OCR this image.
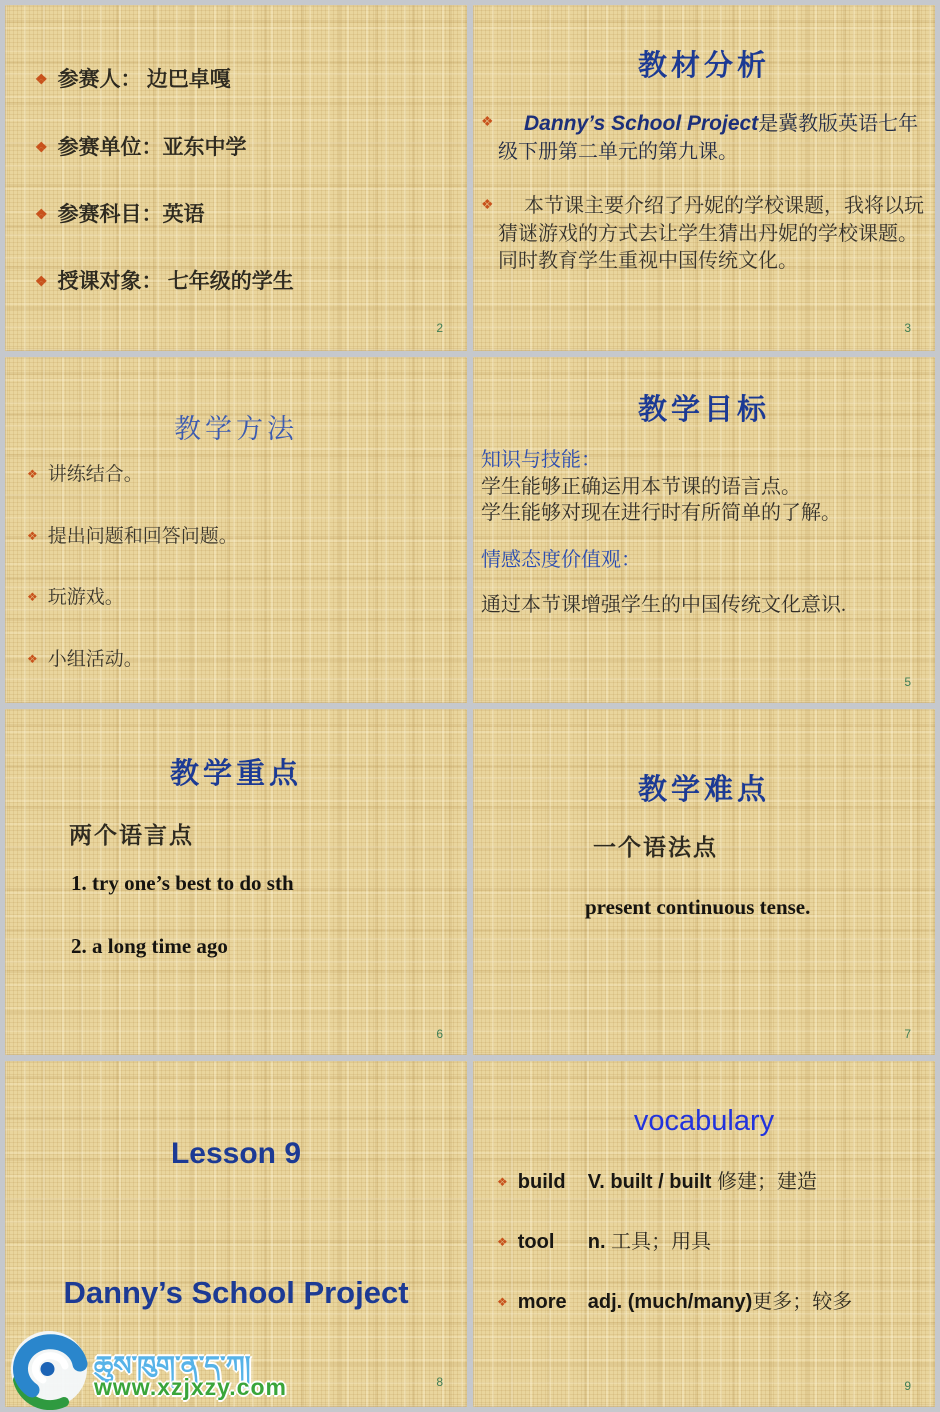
❖ 参赛人： 边巴卓嘎
❖ 参赛单位：亚东中学
❖ 参赛科目：英语
❖ 授课对象： 七年级的学生
2
教材分析
❖ Danny’s School Project是冀教版英语七年级下册第二单元的第九课。
❖ 本节课主要介绍了丹妮的学校课题，我将以玩猜谜游戏的方式去让学生猜出丹妮的学校课题。同时教育学生重视中国传统文化。
3
教学方法
❖ 讲练结合。
❖ 提出问题和回答问题。
❖ 玩游戏。
❖ 小组活动。
教学目标
知识与技能：
学生能够正确运用本节课的语言点。
学生能够对现在进行时有所简单的了解。
情感态度价值观：
通过本节课增强学生的中国传统文化意识.
5
教学重点
两个语言点
1. try one’s best to do sth
2. a long time ago
6
教学难点
一个语法点
present continuous tense.
7
Lesson 9
Danny’s School Project
8
vocabulary
❖ build V. built / built 修建；建造
❖ tool n. 工具；用具
❖ more adj. (much/many)更多；较多
9
ཆུས་ཁུག་ན་ད་ཀ།
www.xzjxzy.com
